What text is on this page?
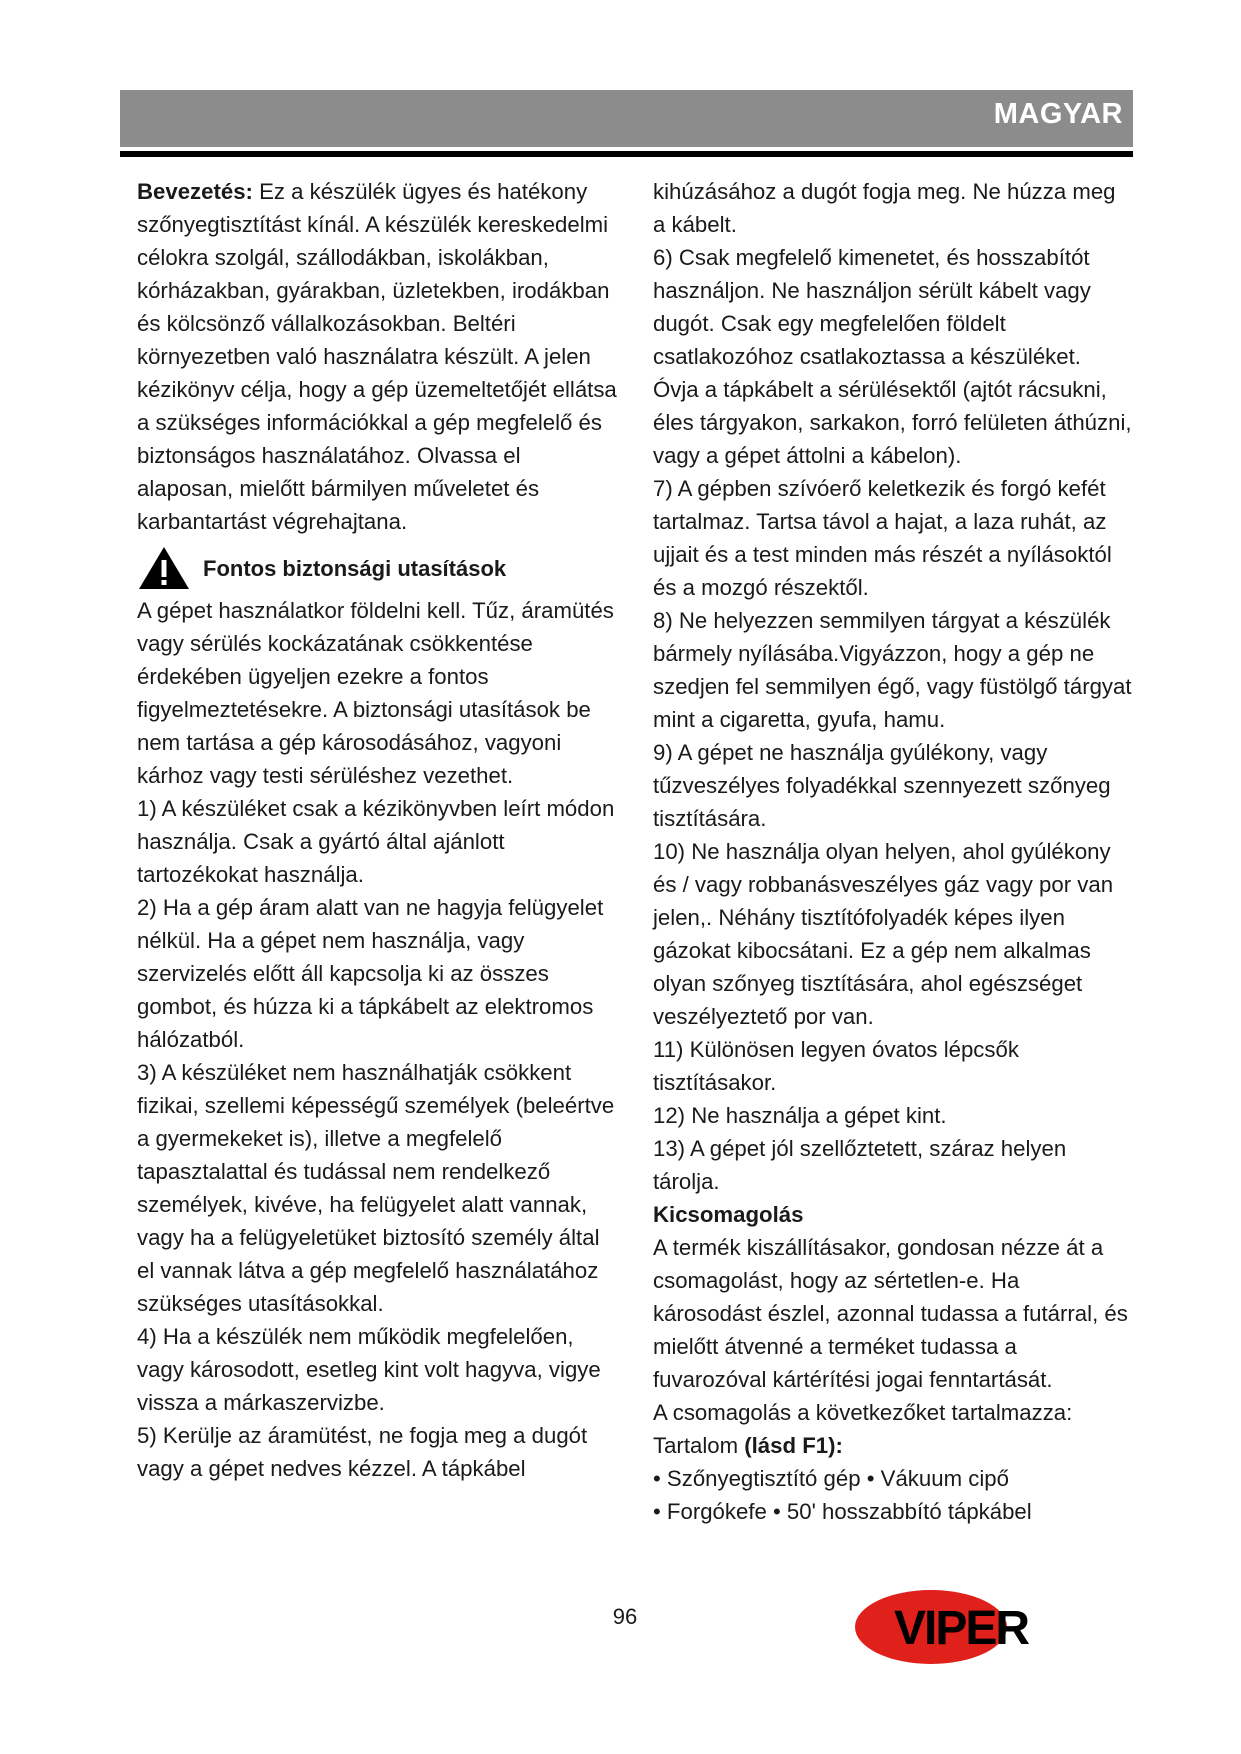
MAGYAR

Bevezetés: Ez a készülék ügyes és hatékony szőnyegtisztítást kínál. A készülék kereskedelmi célokra szolgál, szállodákban, iskolákban, kórházakban, gyárakban, üzletekben, irodákban és kölcsönző vállalkozásokban. Beltéri környezetben való használatra készült. A jelen kézikönyv célja, hogy a gép üzemeltetőjét ellátsa a szükséges információkkal a gép megfelelő és biztonságos használatához. Olvassa el alaposan, mielőtt bármilyen műveletet és karbantartást végrehajtana.

Fontos biztonsági utasítások

A gépet használatkor földelni kell. Tűz, áramütés vagy sérülés kockázatának csökkentése érdekében ügyeljen ezekre a fontos figyelmeztetésekre. A biztonsági utasítások be nem tartása a gép károsodásához, vagyoni kárhoz vagy testi sérüléshez vezethet.

1) A készüléket csak a kézikönyvben leírt módon használja. Csak a gyártó által ajánlott tartozékokat használja.

2) Ha a gép áram alatt van ne hagyja felügyelet nélkül. Ha a gépet nem használja, vagy szervizelés előtt áll kapcsolja ki az összes gombot, és húzza ki a tápkábelt az elektromos hálózatból.

3) A készüléket nem használhatják csökkent fizikai, szellemi képességű személyek (beleértve a gyermekeket is), illetve a megfelelő tapasztalattal és tudással nem rendelkező személyek, kivéve, ha felügyelet alatt vannak, vagy ha a felügyeletüket biztosító személy által el vannak látva a gép megfelelő használatához szükséges utasításokkal.

4) Ha a készülék nem működik megfelelően, vagy károsodott, esetleg kint volt hagyva, vigye vissza a márkaszervizbe.

5) Kerülje az áramütést, ne fogja meg a dugót vagy a gépet nedves kézzel. A tápkábel

kihúzásához a dugót fogja meg. Ne húzza meg a kábelt.

6) Csak megfelelő kimenetet, és hosszabítót használjon. Ne használjon sérült kábelt vagy dugót. Csak egy megfelelően földelt csatlakozóhoz csatlakoztassa a készüléket.

Óvja a tápkábelt a sérülésektől (ajtót rácsukni, éles tárgyakon, sarkakon, forró felületen áthúzni, vagy a gépet áttolni a kábelon).

7) A gépben szívóerő keletkezik és forgó kefét tartalmaz. Tartsa távol a hajat, a laza ruhát, az ujjait és a test minden más részét a nyílásoktól és a mozgó részektől.

8) Ne helyezzen semmilyen tárgyat a készülék bármely nyílásába.Vigyázzon, hogy a gép ne szedjen fel semmilyen égő, vagy füstölgő tárgyat mint a cigaretta, gyufa, hamu.

9) A gépet ne használja gyúlékony, vagy tűzveszélyes folyadékkal szennyezett szőnyeg tisztítására.

10) Ne használja olyan helyen, ahol gyúlékony és / vagy robbanásveszélyes gáz vagy por van jelen,. Néhány tisztítófolyadék képes ilyen gázokat kibocsátani. Ez a gép nem alkalmas olyan szőnyeg tisztítására, ahol egészséget veszélyeztető por van.

11) Különösen legyen óvatos lépcsők tisztításakor.

12) Ne használja a gépet kint.

13) A gépet jól szellőztetett, száraz helyen tárolja.

Kicsomagolás

A termék kiszállításakor, gondosan nézze át a csomagolást, hogy az sértetlen-e. Ha károsodást észlel, azonnal tudassa a futárral, és mielőtt átvenné a terméket tudassa a fuvarozóval kártérítési jogai fenntartását.

A csomagolás a következőket tartalmazza:

Tartalom (lásd F1):

• Szőnyegtisztító gép • Vákuum cipő
• Forgókefe • 50' hosszabbító tápkábel
96	VIPER
